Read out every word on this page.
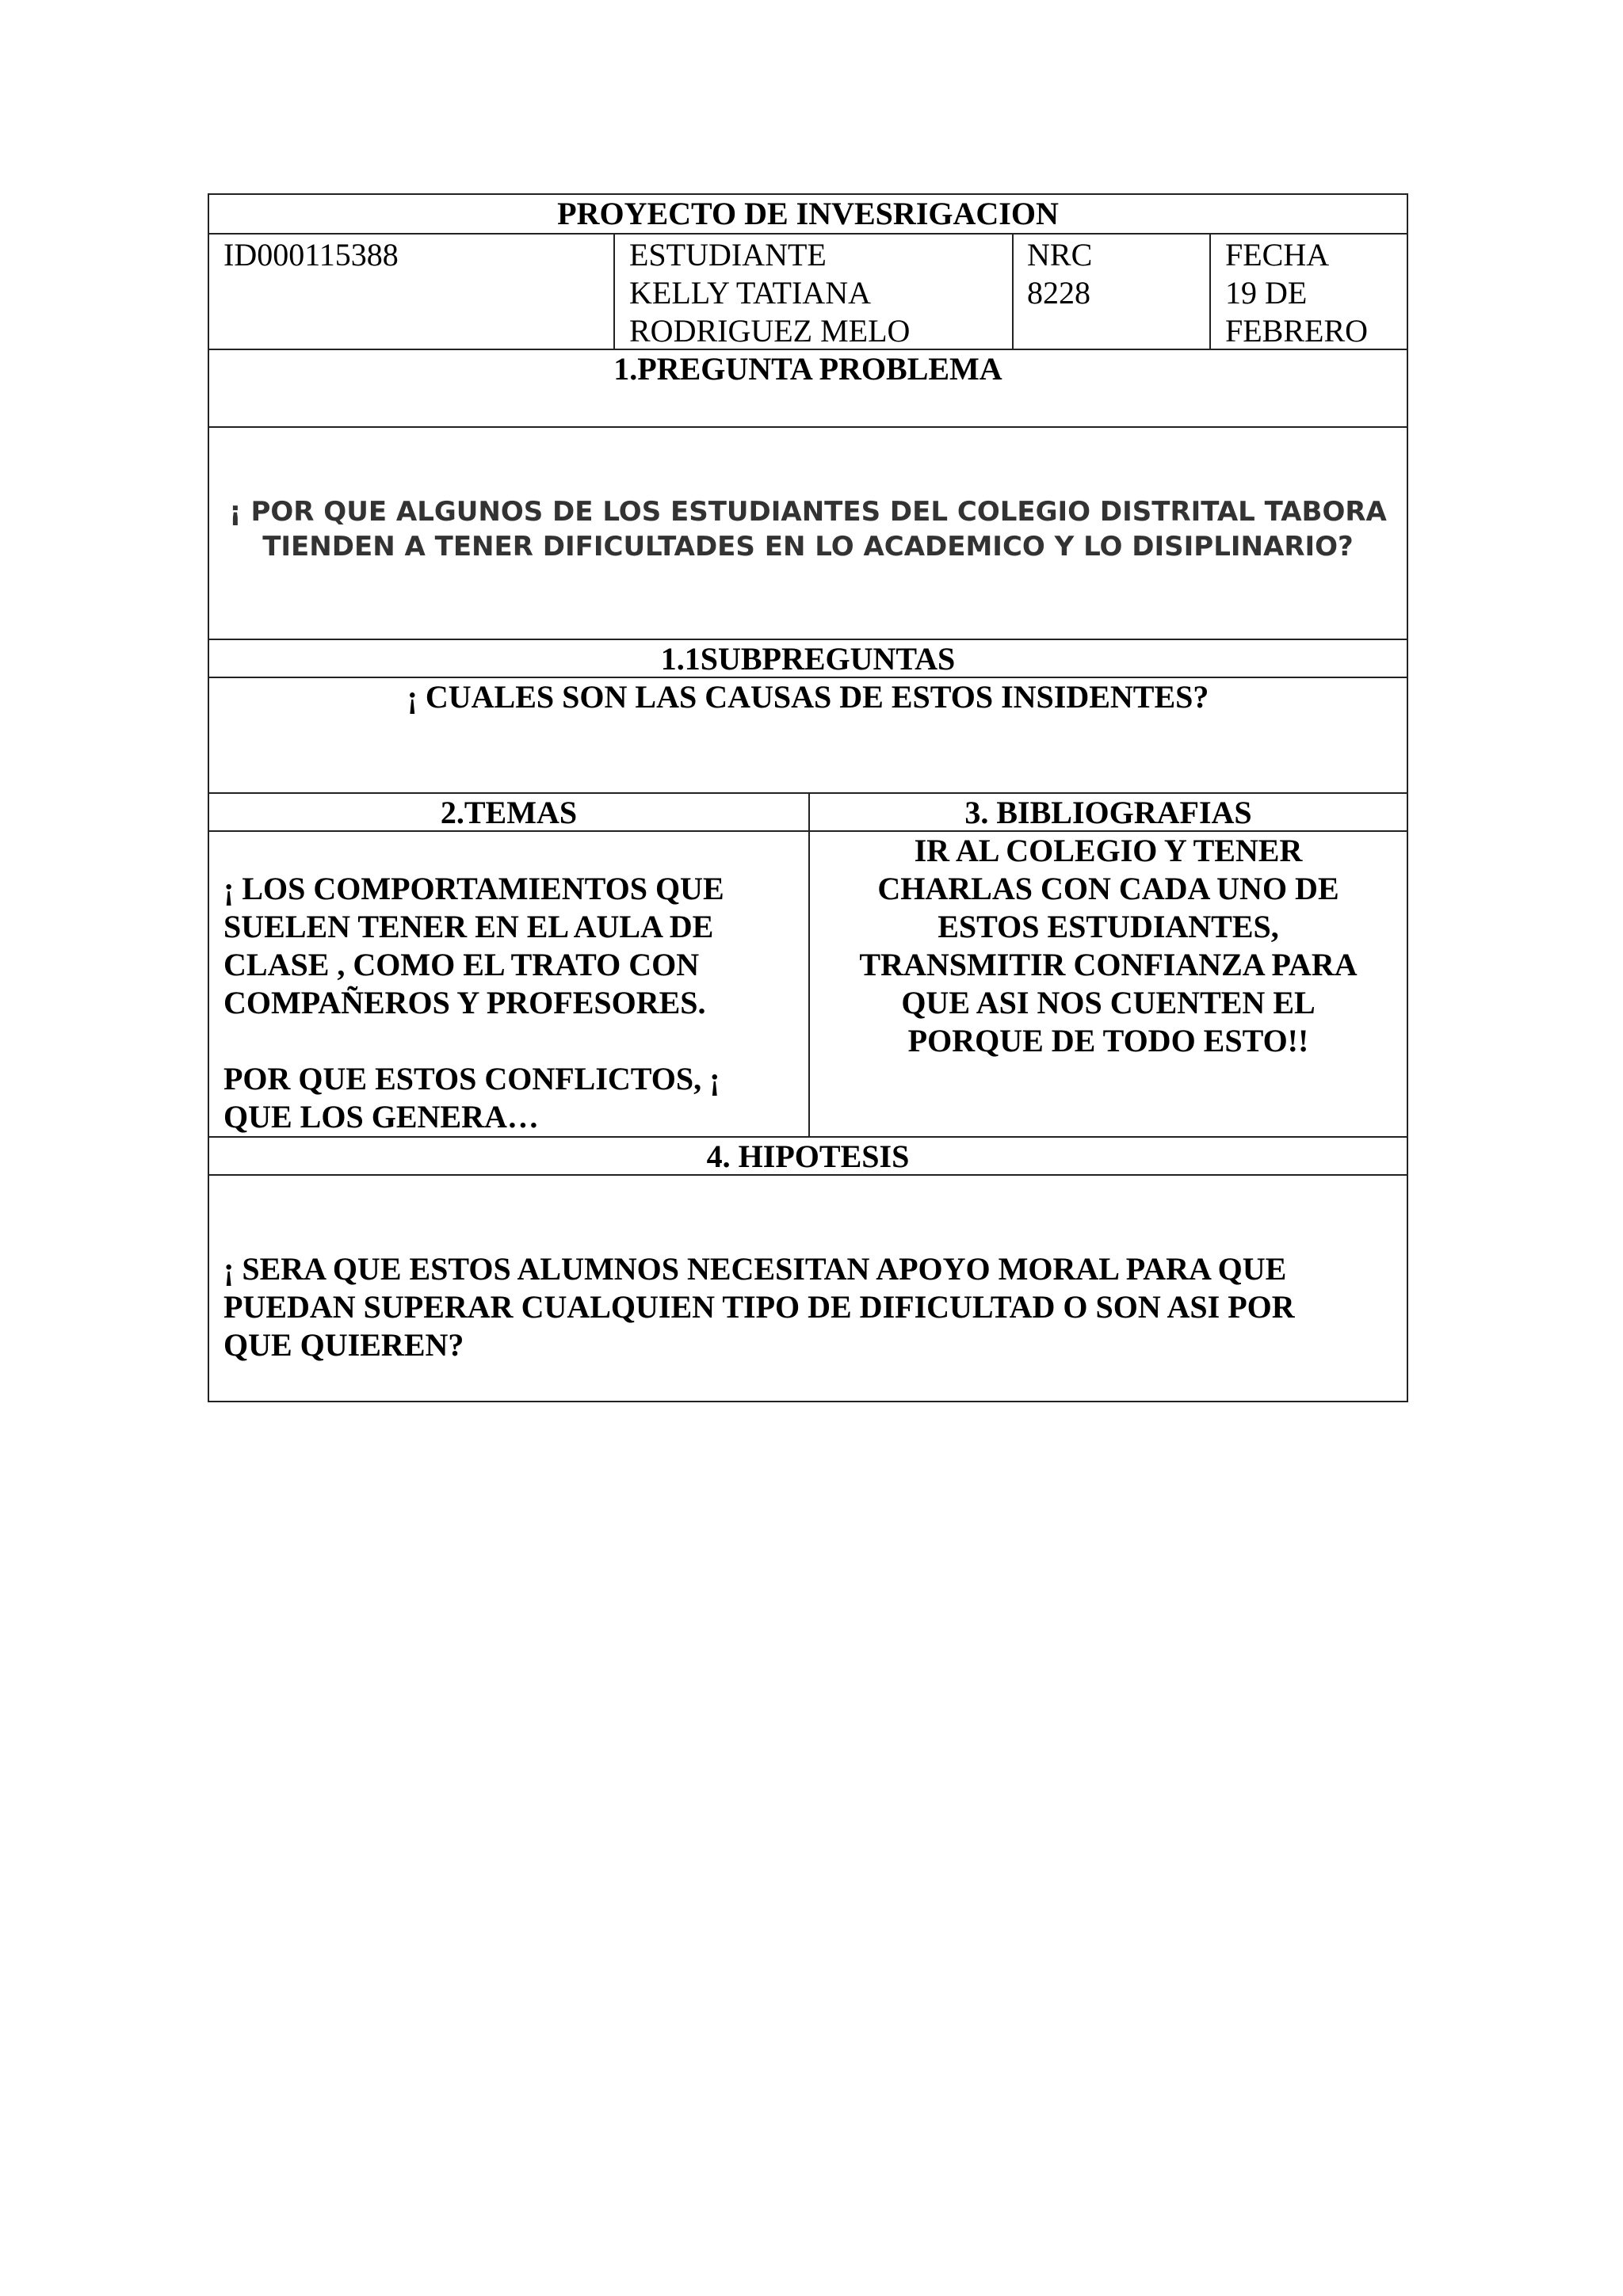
PROYECTO DE INVESRIGACION
ID000115388	ESTUDIANTE
KELLY TATIANA
RODRIGUEZ MELO
NRC
8228
FECHA
19 DE
FEBRERO
1.PREGUNTA PROBLEMA
¡ POR QUE ALGUNOS DE LOS ESTUDIANTES DEL COLEGIO DISTRITAL TABORA
TIENDEN A TENER DIFICULTADES EN LO ACADEMICO Y LO DISIPLINARIO?
1.1SUBPREGUNTAS
¡ CUALES SON LAS CAUSAS DE ESTOS INSIDENTES?
2.TEMAS	3. BIBLIOGRAFIAS
¡ LOS COMPORTAMIENTOS QUE
SUELEN TENER EN EL AULA DE
CLASE , COMO EL TRATO CON
COMPAÑEROS Y PROFESORES.
POR QUE ESTOS CONFLICTOS, ¡
QUE LOS GENERA…
IR AL COLEGIO Y TENER
CHARLAS CON CADA UNO DE
ESTOS ESTUDIANTES,
TRANSMITIR CONFIANZA PARA
QUE ASI NOS CUENTEN EL
PORQUE DE TODO ESTO!!
4. HIPOTESIS
¡ SERA QUE ESTOS ALUMNOS NECESITAN APOYO MORAL PARA QUE
PUEDAN SUPERAR CUALQUIEN TIPO DE DIFICULTAD O SON ASI POR
QUE QUIEREN?
